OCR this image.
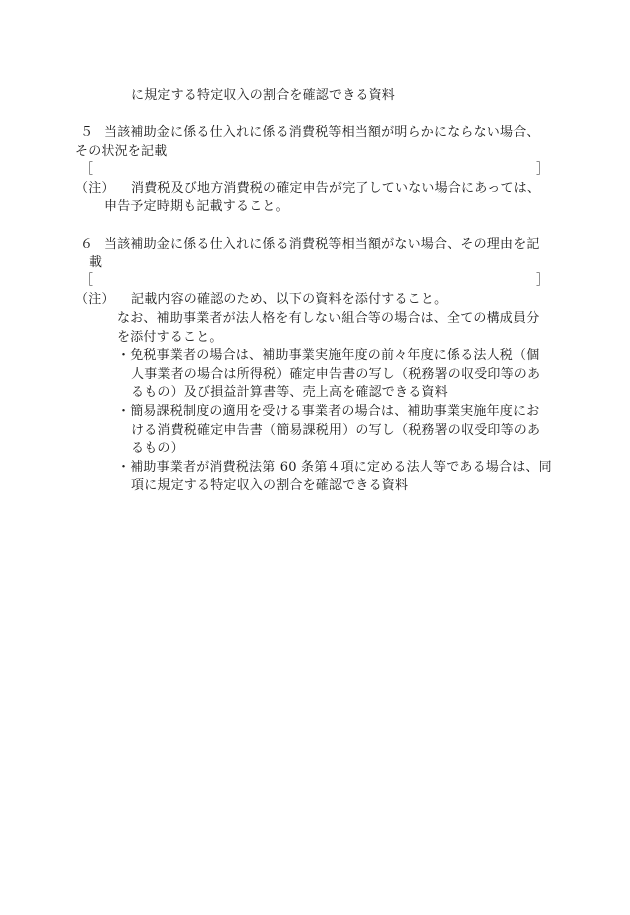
に規定する特定収入の割合を確認できる資料
５ 当該補助金に係る仕入れに係る消費税等相当額が明らかにならない場合、
その状況を記載
［	］
（注） 消費税及び地方消費税の確定申告が完了していない場合にあっては、
申告予定時期も記載すること。
６ 当該補助金に係る仕入れに係る消費税等相当額がない場合、その理由を記
載
［	］
（注） 記載内容の確認のため、以下の資料を添付すること。
なお、補助事業者が法人格を有しない組合等の場合は、全ての構成員分
を添付すること。
・免税事業者の場合は、補助事業実施年度の前々年度に係る法人税（個
人事業者の場合は所得税）確定申告書の写し（税務署の収受印等のあ
るもの）及び損益計算書等、売上高を確認できる資料
・簡易課税制度の適用を受ける事業者の場合は、補助事業実施年度にお
ける消費税確定申告書（簡易課税用）の写し（税務署の収受印等のあ
るもの）
・補助事業者が消費税法第 60 条第４項に定める法人等である場合は、同
項に規定する特定収入の割合を確認できる資料
